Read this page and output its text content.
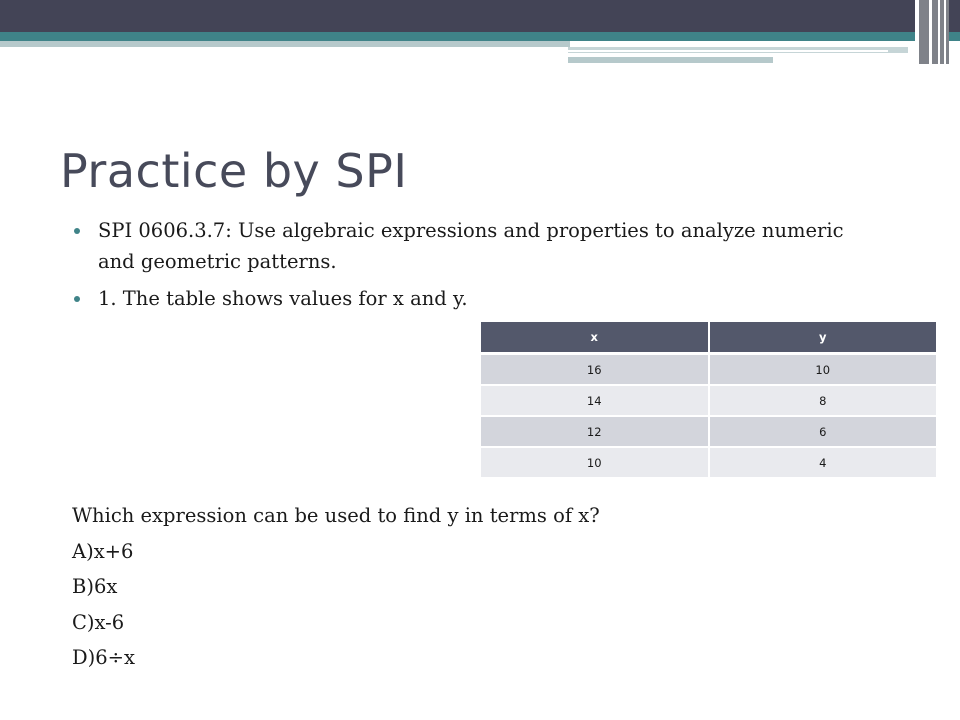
Practice by SPI
SPI 0606.3.7: Use algebraic expressions and properties to analyze numeric and geometric patterns.
1. The table shows values for x and y.
x	y
16	10
14	8
12	6
10	4
Which expression can be used to find y in terms of x?
A)x+6
B)6x
C)x-6
D)6÷x
